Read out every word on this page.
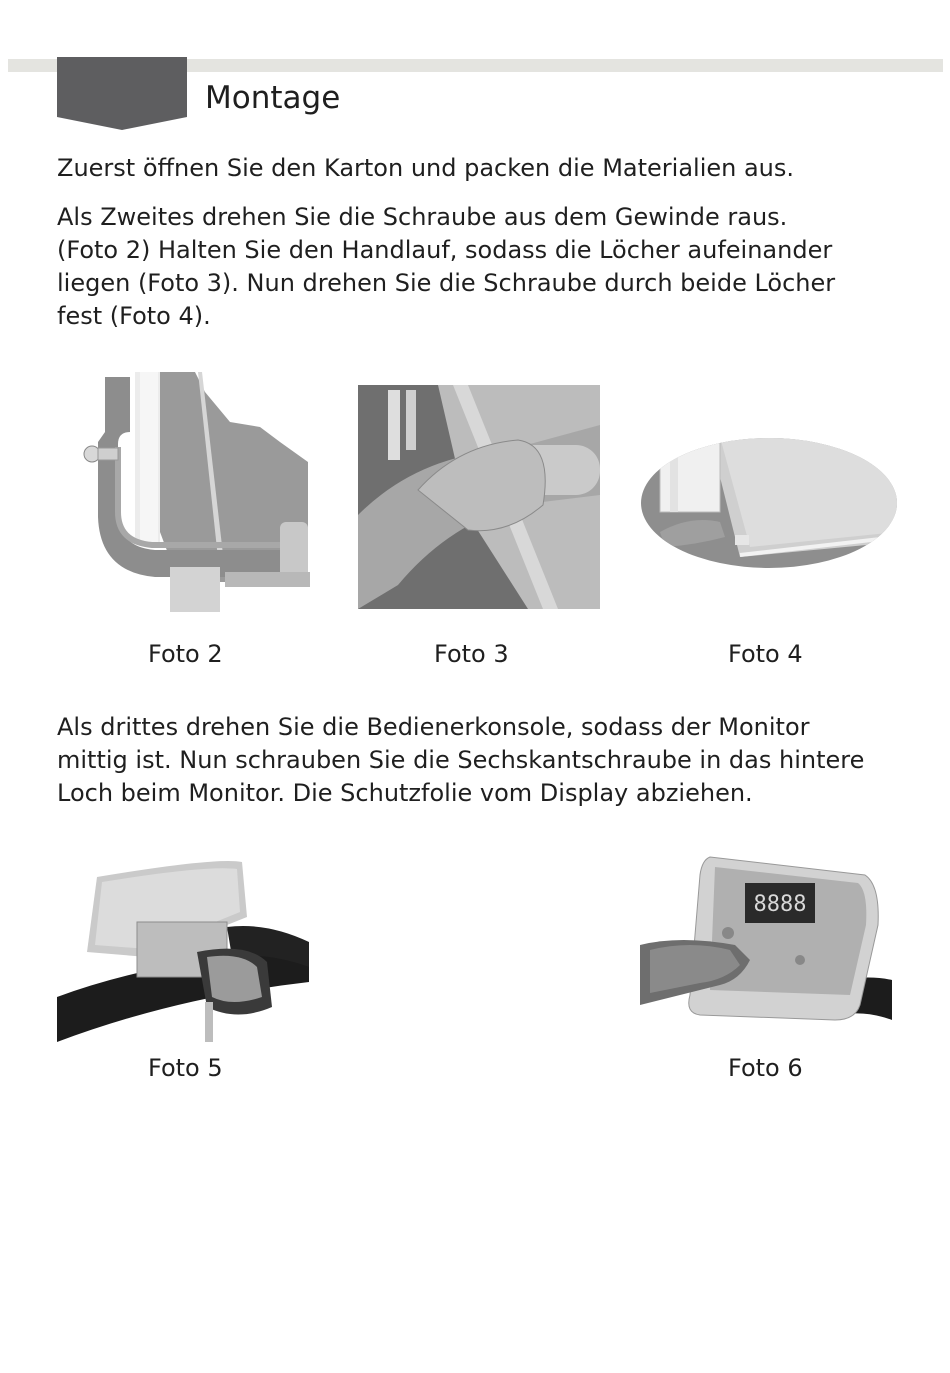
Montage
Zuerst öffnen Sie den Karton und packen die Materialien aus.
Als Zweites drehen Sie die Schraube aus dem Gewinde raus.
(Foto 2) Halten Sie den Handlauf, sodass die Löcher aufeinander
liegen (Foto 3). Nun drehen Sie die Schraube durch beide Löcher
fest (Foto 4).
Foto 2	Foto 3	Foto 4
Als drittes drehen Sie die Bedienerkonsole, sodass der Monitor
mittig ist. Nun schrauben Sie die Sechskantschraube in das hintere
Loch beim Monitor. Die Schutzfolie vom Display abziehen.
Foto 5
8888
Foto 6
